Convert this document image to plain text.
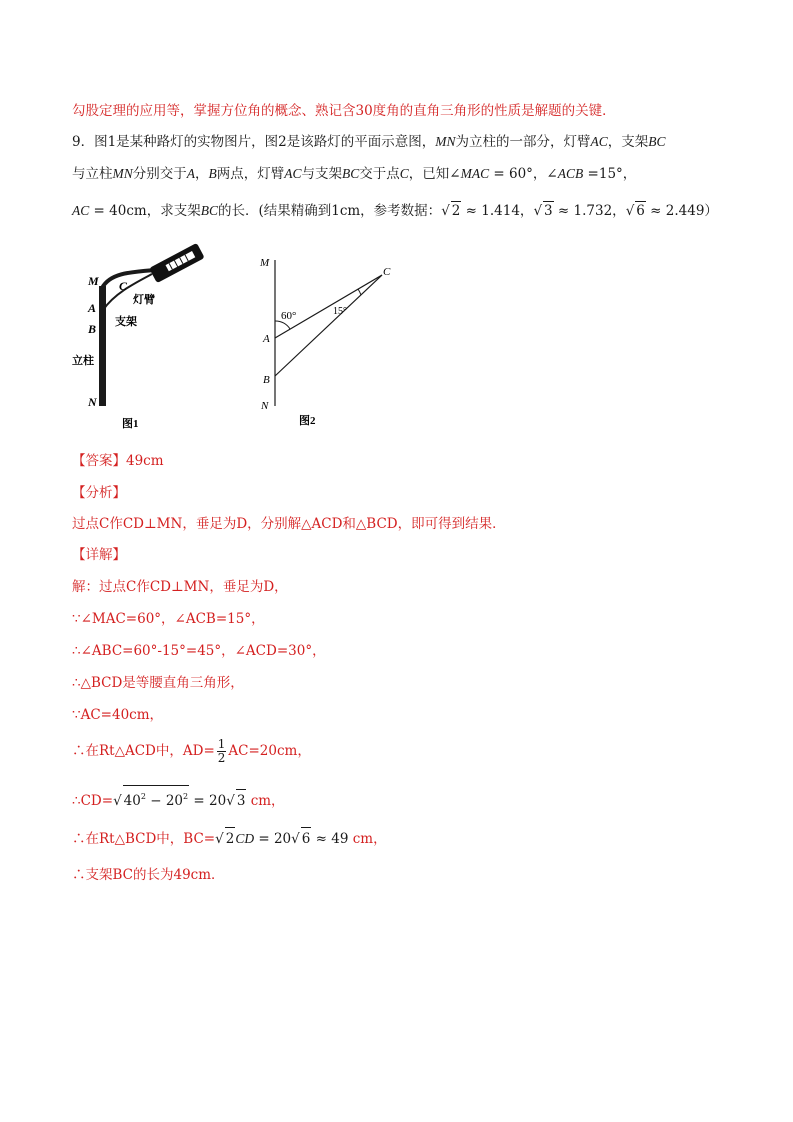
勾股定理的应用等，掌握方位角的概念、熟记含30度角的直角三角形的性质是解题的关键．
9．图1是某种路灯的实物图片，图2是该路灯的平面示意图，MN为立柱的一部分，灯臂AC，支架BC
与立柱MN分别交于A，B两点，灯臂AC与支架BC交于点C，已知∠MAC = 60°，∠ACB =15°，
AC = 40cm，求支架BC的长．(结果精确到1cm，参考数据：√ 2 ≈ 1.414，√ 3 ≈ 1.732，√ 6 ≈ 2.449）
M C
A
B
N
灯臂
支架
立柱
图1
M
C
A
B
N
60°	15°
图2
【答案】49cm
【分析】
过点C作CD⊥MN，垂足为D，分别解△ACD和△BCD，即可得到结果．
【详解】
解：过点C作CD⊥MN，垂足为D，
∵∠MAC=60°，∠ACB=15°，
∴∠ABC=60°-15°=45°，∠ACD=30°，
∴△BCD是等腰直角三角形，
∵AC=40cm，
∴在Rt△ACD中，$AD= \frac{1}{2} AC=20cm$，
∴CD=√ $40^2 - 20^2 = 20√$ 3 cm，
∴在Rt△BCD中，BC=√ 2CD = 20√ 6 ≈ 49 cm，
∴支架BC的长为49cm．
